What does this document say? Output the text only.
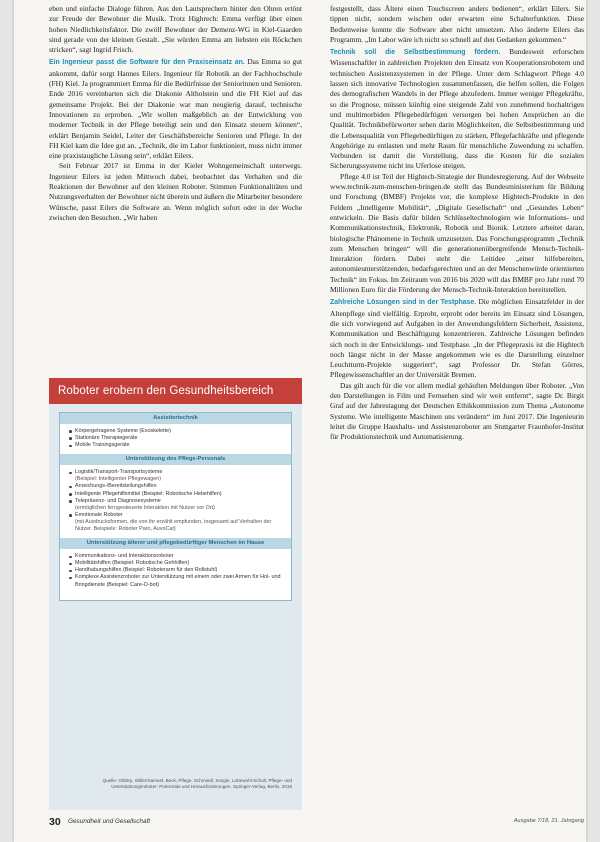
eben und einfache Dialoge führen. Aus den Lautsprechern hinter den Ohren ertönt zur Freude der Bewohner die Musik. Trotz Highrech: Emma verfügt über einen hohen Niedlichkeitsfaktor. Die zwölf Bewohner der Demenz-WG in Kiel-Gaarden sind gerade von der kleinen Gestalt. „Sie würden Emma am liebsten ein Röckchen stricken“, sagt Ingrid Frisch.

Ein Ingenieur passt die Software für den Praxiseinsatz an. Das Emma so gut ankommt, dafür sorgt Hannes Eilers. Ingenieur für Robotik an der Fachhochschule (FH) Kiel. Ja programmiert Emma für die Bedürfnisse der Seniorinnen und Senioren. Ende 2016 vereinbarten sich die Diakonie Altholstein und die FH Kiel auf das gemeinsame Projekt. Bei der Diakonie war man neugierig darauf, technische Innovationen zu erproben. „Wir wollen maßgeblich an der Entwicklung von moderner Technik in der Pflege beteiligt sein und den Einsatz steuern können“, erklärt Benjamin Seidel, Leiter der Geschäftsbereiche Senioren und Pflege. In der FH Kiel kam die Idee gut an. „Technik, die im Labor funktioniert, muss nicht immer eine praxistaugliche Lösung sein“, erklärt Eilers.

Seit Februar 2017 ist Emma in der Kieler Wohngemeinschaft unterwegs. Ingenieur Eilers ist jeden Mittwoch dabei, beobachtet das Verhalten und die Reaktionen der Bewohner auf den kleinen Roboter. Stimmen Funktionalitäten und Nutzungsverhalten der Bewohner nicht überein und äußern die Mitarbeiter besondere Wünsche, passt Eilers die Software an. Wenn möglich sofort oder in der Woche zwischen den Besuchen. „Wir haben

festgestellt, dass Ältere einen Touchscreen anders bedienen“, erklärt Eilers. Sie tippen nicht, sondern wischen oder erwarten eine Schalterfunktion. Diese Bedienweise konnte die Software aber nicht umsetzen. Also änderte Eilers das Programm. „Im Labor wäre ich nicht so schnell auf den Gedanken gekommen.“

Technik soll die Selbstbestimmung fördern. Bundesweit erforschen Wissenschaftler in zahlreichen Projekten den Einsatz von Kooperationsrobotern und technischen Assistenzsystemen in der Pflege. Unter dem Schlagwort Pflege 4.0 lassen sich innovative Technologien zusammenfassen, die helfen sollen, die Folgen des demografischen Wandels in der Pflege abzufedern. Immer weniger Pflegekräfte, so die Prognose, müssen künftig eine steigende Zahl von zunehmend hochaltrigen und multimorbiden Pflegebedürftigen versorgen bei hohen Ansprüchen an die Qualität. Technikbefürworter sehen darin Möglichkeiten, die Selbstbestimmung und die Lebensqualität von Pflegebedürftigen zu stärken, Pflegefachkräfte und pflegende Angehörige zu entlasten und mehr Raum für menschliche Zuwendung zu schaffen. Verbunden ist damit die Vorstellung, dass die Kosten für die sozialen Sicherungssysteme nicht ins Uferlose steigen.

Pflege 4.0 ist Teil der Hightech-Strategie der Bundesregierung. Auf der Webseite www.technik-zum-menschen-bringen.de stellt das Bundesministerium für Bildung und Forschung (BMBF) Projekte vor, die komplexe Hightech-Produkte in den Feldern „Intelligente Mobilität“, „Digitale Gesellschaft“ und „Gesundes Leben“ entwickeln. Die Basis dafür bilden Schlüsseltechnologien wie Informations- und Kommunikationstechnik, Elektronik, Robotik und Bionik. Letztere arbeitet daran, biologische Phänomene in Technik umzusetzen. Das Forschungsprogramm „Technik zum Menschen bringen“ will die generationenübergreifende Mensch-Technik-Interaktion fördern. Dabei steht die Leitidee „einer hilfebereiten, autonomieunterstützenden, bedarfsgerechten und an der Menschenwürde orientierten Technik“ im Fokus. Im Zeitraum von 2016 bis 2020 will das BMBF pro Jahr rund 70 Millionen Euro für die Förderung der Mensch-Technik-Interaktion bereitstellen.

Zahlreiche Lösungen sind in der Testphase. Die möglichen Einsatzfelder in der Altenpflege sind vielfältig. Erprobt, erprobt oder bereits im Einsatz sind Lösungen, die sich vorwiegend auf Aufgaben in der Anwendungsfeldern Sicherheit, Assistenz, Kommunikation und Beschäftigung konzentrieren. Zahlreiche Lösungen befinden sich noch in der Entwicklungs- und Testphase. „In der Pflegepraxis ist die Hightech noch längst nicht in der Masse angekommen wie es die Darstellung einzelner Leuchtturm-Projekte suggeriert“, sagt Professor Dr. Stefan Görres, Pflegewissenschaftler an der Universität Bremen.

Das gilt auch für die vor allem medial gehäuften Meldungen über Roboter. „Von den Darstellungen in Film und Fernsehen sind wir weit entfernt“, sagte Dr. Birgit Graf auf der Jahrestagung der Deutschen Ethikkommission zum Thema „Autonome Systeme. Wie intelligente Maschinen uns verändern“ im Juni 2017. Die Ingenieurin leitet die Gruppe Haushalts- und Assistenzroboter am Stuttgarter Fraunhofer-Institut für Produktionstechnik und Automatisierung.

Roboter erobern den Gesundheitsbereich
Assistiertechnik
Körpergetragene Systeme (Exoskelette)
Stationäre Therapiegeräte
Mobile Trainingsgeräte
Unterstützung des Pflege-Personals
Logistik/Transport-Transportsysteme
(Beispiel: Intelligenter Pflegewagen)
Anreichungs-/Bereitstellungshilfen
Intelligente Pflegehilfsmittel (Beispiel: Robotische Hebehilfen)
Telepräsenz- und Diagnosesysteme
(ermöglichen ferngesteuerte Interaktion mit Nutzer vor Ort)
Emotionale Roboter
(mit Ausdrucksformen, die von ihr erzählt empfunden, insgesamt auf Verhalten der Nutzer. Beispiele: Roboter Paro, AuvoCat)
Unterstützung älterer und pflegebedürftiger Menschen im Hause
Kommunikations- und Interaktionsroboter
Mobilitätshilfen (Beispiel: Robotische Gehhilfen)
Handhabungshilfen (Beispiel: Roboterarm für den Rollstuhl)
Komplexe Assistenzroboter zur Unterstützung mit einem oder zwei Armen für Hol- und Bringdienste (Beispiel: Care-O-bot)
Quelle: Oldörp, Willer/Samuel, Beck, Pflege, Schmiedl, Sezgin, Lebewohl-Schult, Pflege- und Unterstützungsroboter: Potenziale und Herausforderungen. Springer-Verlag, Berlin, 2019
30 Gesundheit und Gesellschaft	Ausgabe 7/18, 21. Jahrgang
